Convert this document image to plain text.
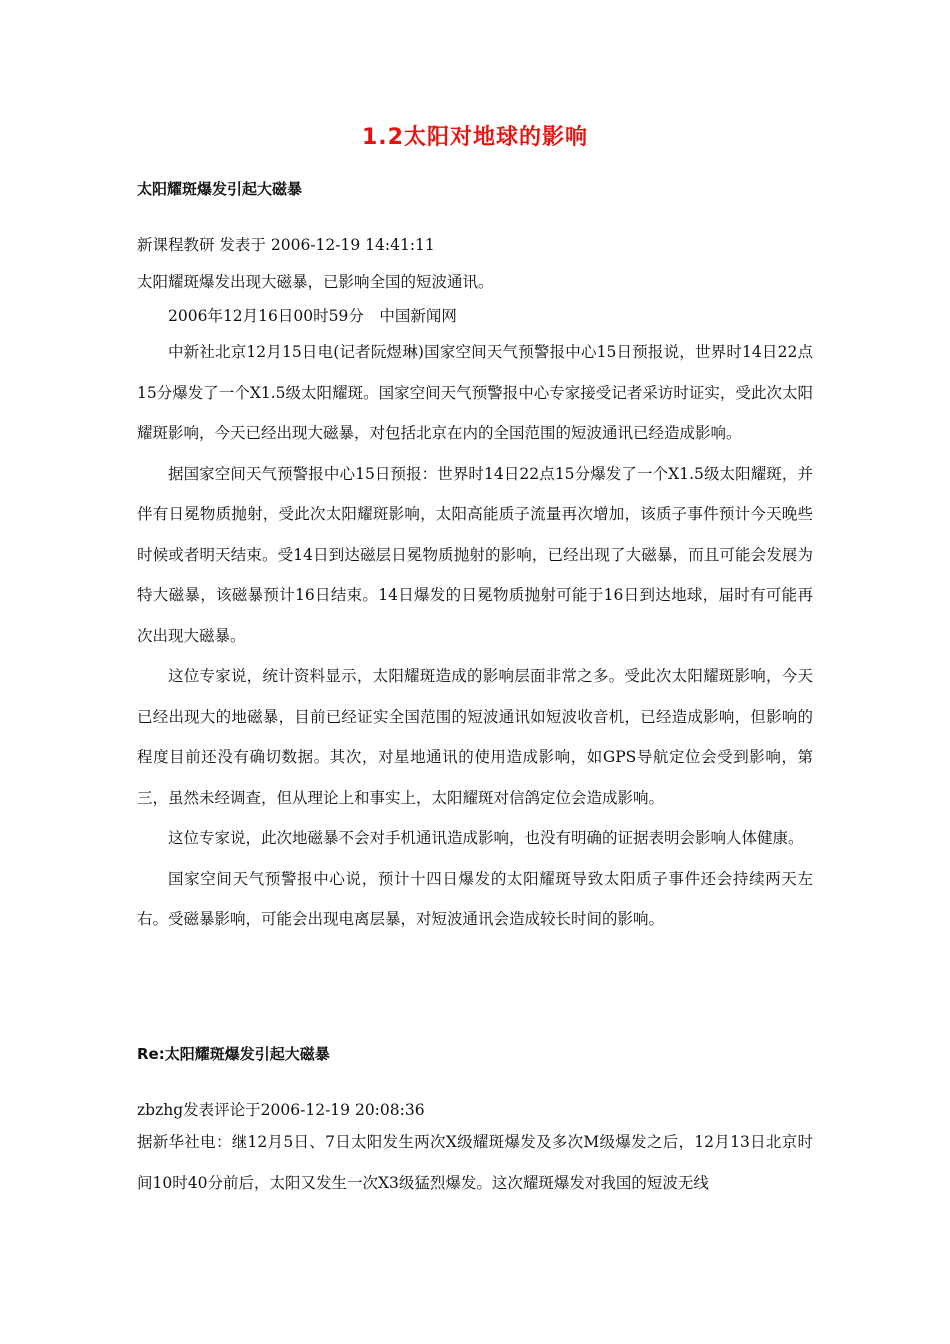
1.2太阳对地球的影响
太阳耀斑爆发引起大磁暴
新课程教研 发表于 2006-12-19 14:41:11
太阳耀斑爆发出现大磁暴，已影响全国的短波通讯。
2006年12月16日00时59分　中国新闻网

中新社北京12月15日电(记者阮煜琳)国家空间天气预警报中心15日预报说，世界时14日22点15分爆发了一个X1.5级太阳耀斑。国家空间天气预警报中心专家接受记者采访时证实，受此次太阳耀斑影响，今天已经出现大磁暴，对包括北京在内的全国范围的短波通讯已经造成影响。

据国家空间天气预警报中心15日预报：世界时14日22点15分爆发了一个X1.5级太阳耀斑，并伴有日冕物质抛射，受此次太阳耀斑影响，太阳高能质子流量再次增加，该质子事件预计今天晚些时候或者明天结束。受14日到达磁层日冕物质抛射的影响，已经出现了大磁暴，而且可能会发展为特大磁暴，该磁暴预计16日结束。14日爆发的日冕物质抛射可能于16日到达地球，届时有可能再次出现大磁暴。

这位专家说，统计资料显示，太阳耀斑造成的影响层面非常之多。受此次太阳耀斑影响，今天已经出现大的地磁暴，目前已经证实全国范围的短波通讯如短波收音机，已经造成影响，但影响的程度目前还没有确切数据。其次，对星地通讯的使用造成影响，如GPS导航定位会受到影响，第三，虽然未经调查，但从理论上和事实上，太阳耀斑对信鸽定位会造成影响。

这位专家说，此次地磁暴不会对手机通讯造成影响，也没有明确的证据表明会影响人体健康。

国家空间天气预警报中心说，预计十四日爆发的太阳耀斑导致太阳质子事件还会持续两天左右。受磁暴影响，可能会出现电离层暴，对短波通讯会造成较长时间的影响。

Re:太阳耀斑爆发引起大磁暴
zbzhg发表评论于2006-12-19 20:08:36

据新华社电：继12月5日、7日太阳发生两次X级耀斑爆发及多次M级爆发之后，12月13日北京时间10时40分前后，太阳又发生一次X3级猛烈爆发。这次耀斑爆发对我国的短波无线
